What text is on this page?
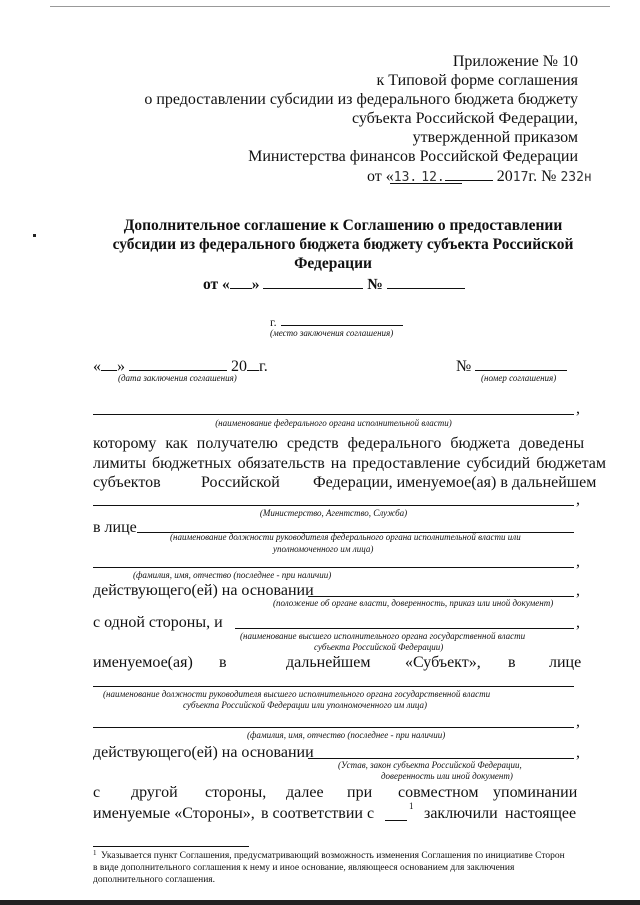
Приложение № 10
к Типовой форме соглашения
о предоставлении субсидии из федерального бюджета бюджету
субъекта Российской Федерации,
утвержденной приказом
Министерства финансов Российской Федерации
от «13. 12.	2017г. № 232н
Дополнительное соглашение к Соглашению о предоставлении
субсидии из федерального бюджета бюджету субъекта Российской
Федерации
от « »	№
г.
(место заключения соглашения)
« »	20 г.
(дата заключения соглашения)
№
(номер соглашения)
,
(наименование федерального органа исполнительной власти)
которому как получателю средств федерального бюджета доведены
лимиты бюджетных обязательств на предоставление субсидий бюджетам
субъектов	Российской Федерации, именуемое(ая) в дальнейшем
,
(Министерство, Агентство, Служба)
в лице
(наименование должности руководителя федерального органа исполнительной власти или
уполномоченного им лица)
,
(фамилия, имя, отчество (последнее - при наличии)
действующего(ей) на основании	,
(положение об органе власти, доверенность, приказ или иной документ)
с одной стороны, и	,
(наименование высшего исполнительного органа государственной власти
субъекта Российской Федерации)
именуемое(ая) в	дальнейшем «Субъект», в лице
(наименование должности руководителя высшего исполнительного органа государственной власти
субъекта Российской Федерации или уполномоченного им лица)
,
(фамилия, имя, отчество (последнее - при наличии)
действующего(ей) на основании	,
(Устав, закон субъекта Российской Федерации,
доверенность или иной документ)
с другой стороны, далее при совместном упоминании
именуемые «Стороны», в соответствии с	1 заключили настоящее
1 Указывается пункт Соглашения, предусматривающий возможность изменения Соглашения по инициативе Сторон
в виде дополнительного соглашения к нему и иное основание, являющееся основанием для заключения
дополнительного соглашения.
